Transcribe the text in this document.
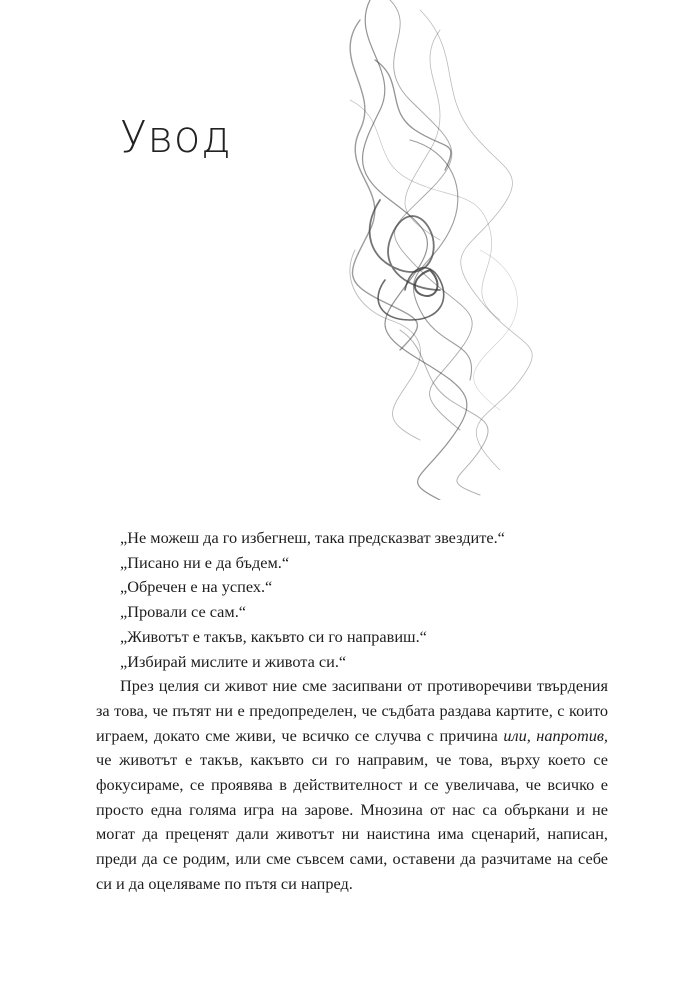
Увод

„Не можеш да го избегнеш, така предсказват звездите.“

„Писано ни е да бъдем.“

„Обречен е на успех.“

„Провали се сам.“

„Животът е такъв, какъвто си го направиш.“

„Избирай мислите и живота си.“

През целия си живот ние сме засипвани от противоречиви твърдения за това, че пътят ни е предопределен, че съдбата раздава картите, с които играем, докато сме живи, че всичко се случва с причина или, напротив, че животът е такъв, какъвто си го направим, че това, върху което се фокусираме, се проявява в действителност и се увеличава, че всичко е просто една голяма игра на зарове. Мнозина от нас са объркани и не могат да преценят дали животът ни наистина има сценарий, написан, преди да се родим, или сме съвсем сами, оставени да разчитаме на себе си и да оцеляваме по пътя си напред.
